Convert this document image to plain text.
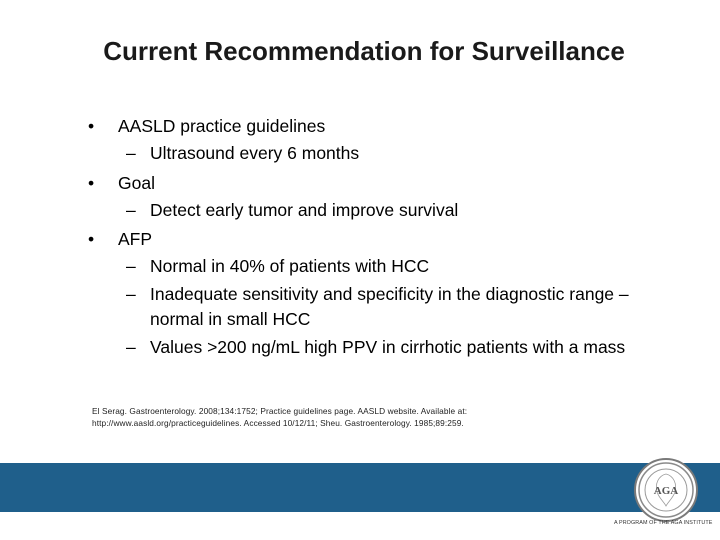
Current Recommendation for Surveillance
• AASLD practice guidelines
– Ultrasound every 6 months
• Goal
– Detect early tumor and improve survival
• AFP
– Normal in 40% of patients with HCC
– Inadequate sensitivity and specificity in the diagnostic range – normal in small HCC
– Values >200 ng/mL high PPV in cirrhotic patients with a mass
El Serag. Gastroenterology. 2008;134:1752; Practice guidelines page. AASLD website. Available at:
http://www.aasld.org/practiceguidelines. Accessed 10/12/11; Sheu. Gastroenterology. 1985;89:259.
AGA
A PROGRAM OF THE AGA INSTITUTE
